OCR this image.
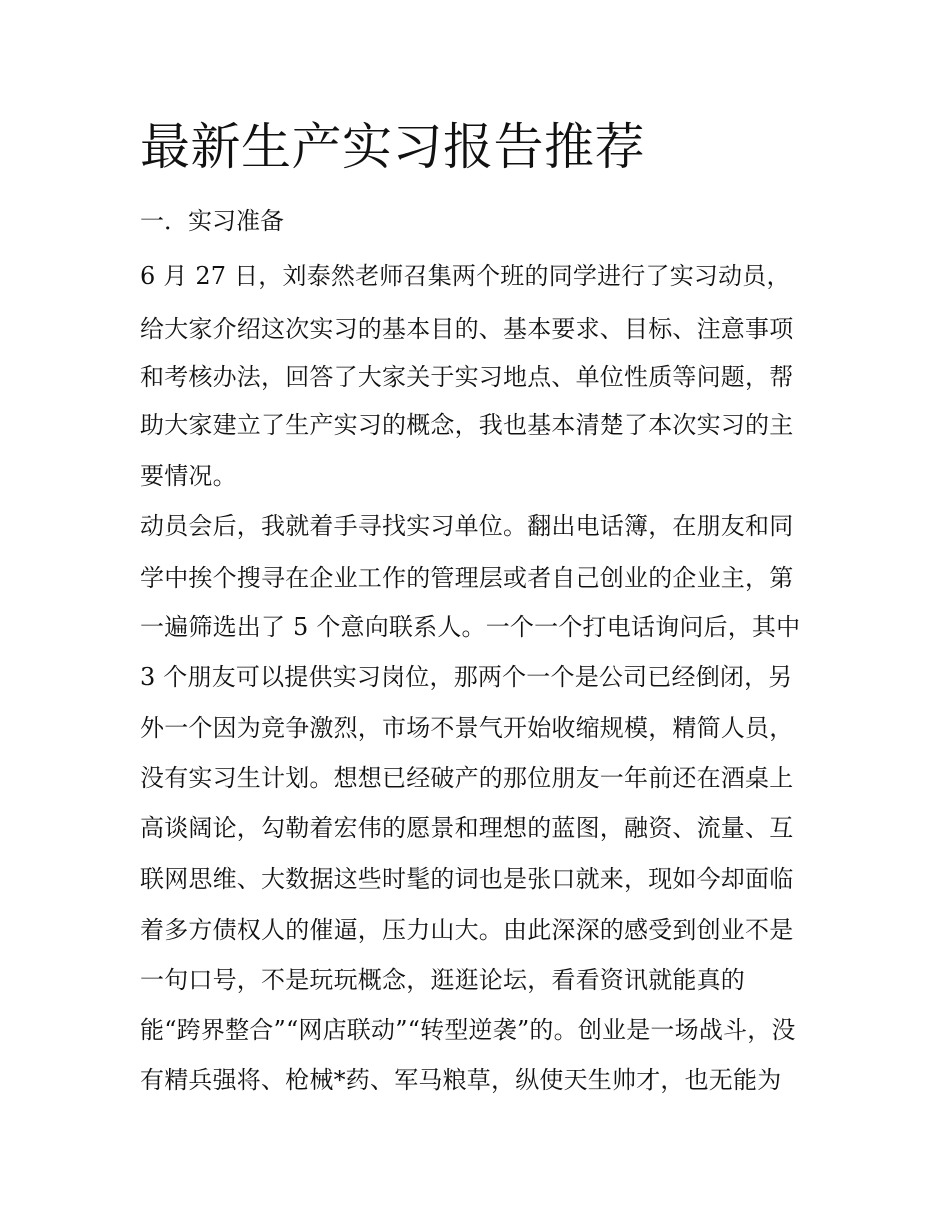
最新生产实习报告推荐
一．实习准备

6 月 27 日，刘泰然老师召集两个班的同学进行了实习动员，

给大家介绍这次实习的基本目的、基本要求、目标、注意事项

和考核办法，回答了大家关于实习地点、单位性质等问题，帮

助大家建立了生产实习的概念，我也基本清楚了本次实习的主

要情况。

动员会后，我就着手寻找实习单位。翻出电话簿，在朋友和同

学中挨个搜寻在企业工作的管理层或者自己创业的企业主，第

一遍筛选出了 5 个意向联系人。一个一个打电话询问后，其中

3 个朋友可以提供实习岗位，那两个一个是公司已经倒闭，另

外一个因为竞争激烈，市场不景气开始收缩规模，精简人员，

没有实习生计划。想想已经破产的那位朋友一年前还在酒桌上

高谈阔论，勾勒着宏伟的愿景和理想的蓝图，融资、流量、互

联网思维、大数据这些时髦的词也是张口就来，现如今却面临

着多方债权人的催逼，压力山大。由此深深的感受到创业不是

一句口号，不是玩玩概念，逛逛论坛，看看资讯就能真的

能“跨界整合”“网店联动”“转型逆袭”的。创业是一场战斗，没

有精兵强将、枪械*药、军马粮草，纵使天生帅才，也无能为
